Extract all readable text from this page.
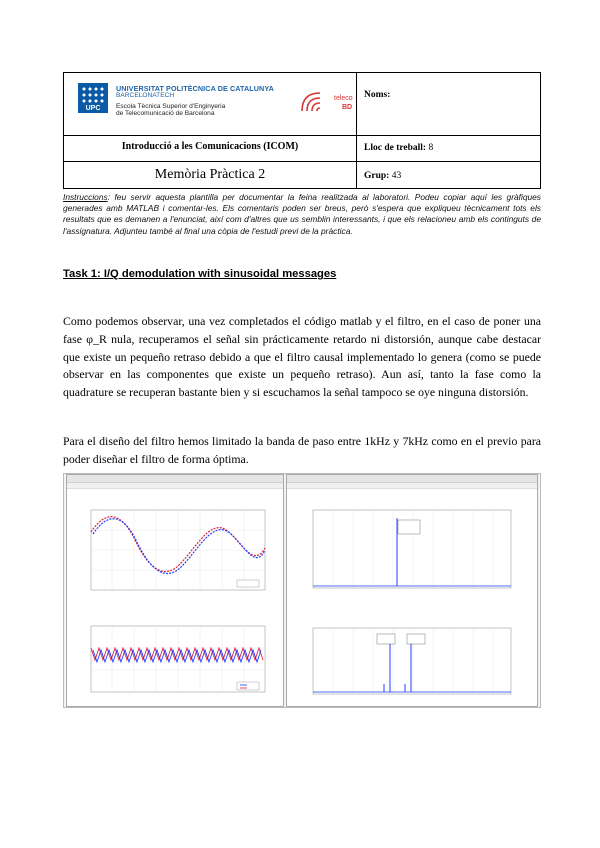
UPC
UNIVERSITAT POLITÈCNICA DE CATALUNYA
BARCELONATECH
Escola Tècnica Superior d'Enginyeria
de Telecomunicació de Barcelona
teleco
BD
Introducció a les Comunicacions (ICOM)
Memòria Pràctica 2
Noms:
Lloc de treball: 8
Grup: 43
Instruccions: feu servir aquesta plantilla per documentar la feina realitzada al laboratori. Podeu copiar aquí les gràfiques generades amb MATLAB i comentar-les. Els comentaris poden ser breus, però s'espera que expliqueu tècnicament tots els resultats que es demanen a l'enunciat, així com d'altres que us semblin interessants, i que els relacioneu amb els continguts de l'assignatura. Adjunteu també al final una còpia de l'estudi previ de la pràctica.
Task 1: I/Q demodulation with sinusoidal messages
Como podemos observar, una vez completados el código matlab y el filtro, en el caso de poner una fase φ_R nula, recuperamos el señal sin prácticamente retardo ni distorsión, aunque cabe destacar que existe un pequeño retraso debido a que el filtro causal implementado lo genera (como se puede observar en las componentes que existe un pequeño retraso). Aun así, tanto la fase como la quadrature se recuperan bastante bien y si escuchamos la señal tampoco se oye ninguna distorsión.
Para el diseño del filtro hemos limitado la banda de paso entre 1kHz y 7kHz como en el previo para poder diseñar el filtro de forma óptima.
